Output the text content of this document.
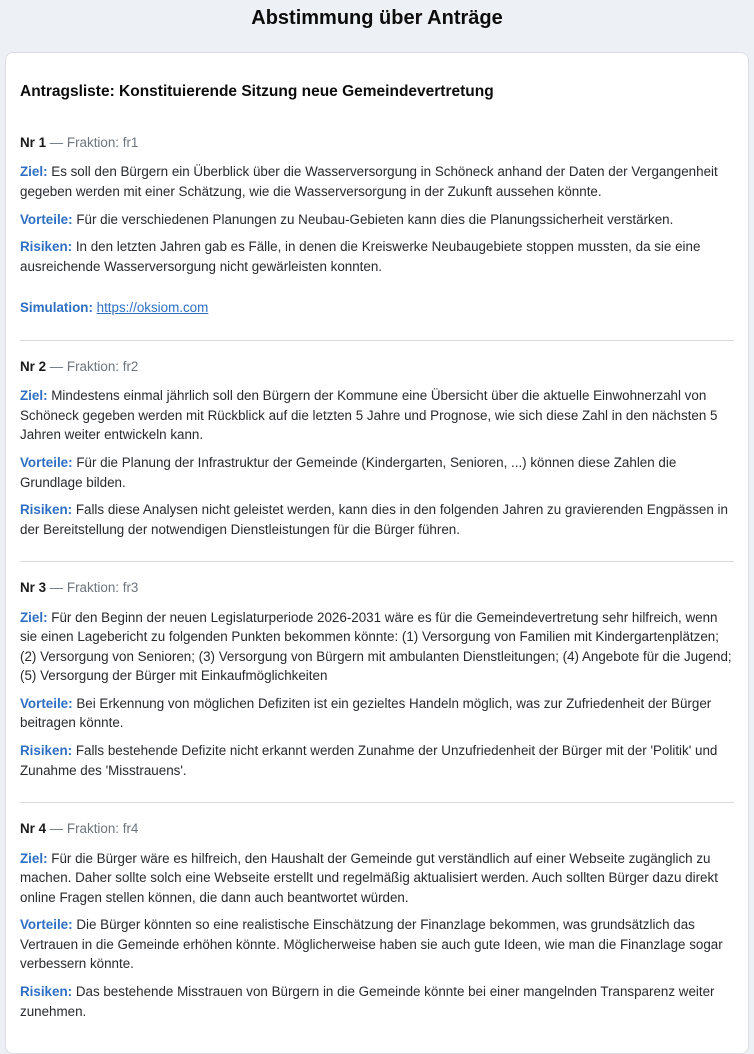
Abstimmung über Anträge
Antragsliste: Konstituierende Sitzung neue Gemeindevertretung
Nr 1 — Fraktion: fr1

Ziel: Es soll den Bürgern ein Überblick über die Wasserversorgung in Schöneck anhand der Daten der Vergangenheit gegeben werden mit einer Schätzung, wie die Wasserversorgung in der Zukunft aussehen könnte.

Vorteile: Für die verschiedenen Planungen zu Neubau-Gebieten kann dies die Planungssicherheit verstärken.

Risiken: In den letzten Jahren gab es Fälle, in denen die Kreiswerke Neubaugebiete stoppen mussten, da sie eine ausreichende Wasserversorgung nicht gewärleisten konnten.

Simulation: https://oksiom.com

Nr 2 — Fraktion: fr2

Ziel: Mindestens einmal jährlich soll den Bürgern der Kommune eine Übersicht über die aktuelle Einwohnerzahl von Schöneck gegeben werden mit Rückblick auf die letzten 5 Jahre und Prognose, wie sich diese Zahl in den nächsten 5 Jahren weiter entwickeln kann.

Vorteile: Für die Planung der Infrastruktur der Gemeinde (Kindergarten, Senioren, ...) können diese Zahlen die Grundlage bilden.

Risiken: Falls diese Analysen nicht geleistet werden, kann dies in den folgenden Jahren zu gravierenden Engpässen in der Bereitstellung der notwendigen Dienstleistungen für die Bürger führen.

Nr 3 — Fraktion: fr3

Ziel: Für den Beginn der neuen Legislaturperiode 2026-2031 wäre es für die Gemeindevertretung sehr hilfreich, wenn sie einen Lagebericht zu folgenden Punkten bekommen könnte: (1) Versorgung von Familien mit Kindergartenplätzen; (2) Versorgung von Senioren; (3) Versorgung von Bürgern mit ambulanten Dienstleitungen; (4) Angebote für die Jugend; (5) Versorgung der Bürger mit Einkaufmöglichkeiten

Vorteile: Bei Erkennung von möglichen Defiziten ist ein gezieltes Handeln möglich, was zur Zufriedenheit der Bürger beitragen könnte.

Risiken: Falls bestehende Defizite nicht erkannt werden Zunahme der Unzufriedenheit der Bürger mit der 'Politik' und Zunahme des 'Misstrauens'.

Nr 4 — Fraktion: fr4

Ziel: Für die Bürger wäre es hilfreich, den Haushalt der Gemeinde gut verständlich auf einer Webseite zugänglich zu machen. Daher sollte solch eine Webseite erstellt und regelmäßig aktualisiert werden. Auch sollten Bürger dazu direkt online Fragen stellen können, die dann auch beantwortet würden.

Vorteile: Die Bürger könnten so eine realistische Einschätzung der Finanzlage bekommen, was grundsätzlich das Vertrauen in die Gemeinde erhöhen könnte. Möglicherweise haben sie auch gute Ideen, wie man die Finanzlage sogar verbessern könnte.

Risiken: Das bestehende Misstrauen von Bürgern in die Gemeinde könnte bei einer mangelnden Transparenz weiter zunehmen.
